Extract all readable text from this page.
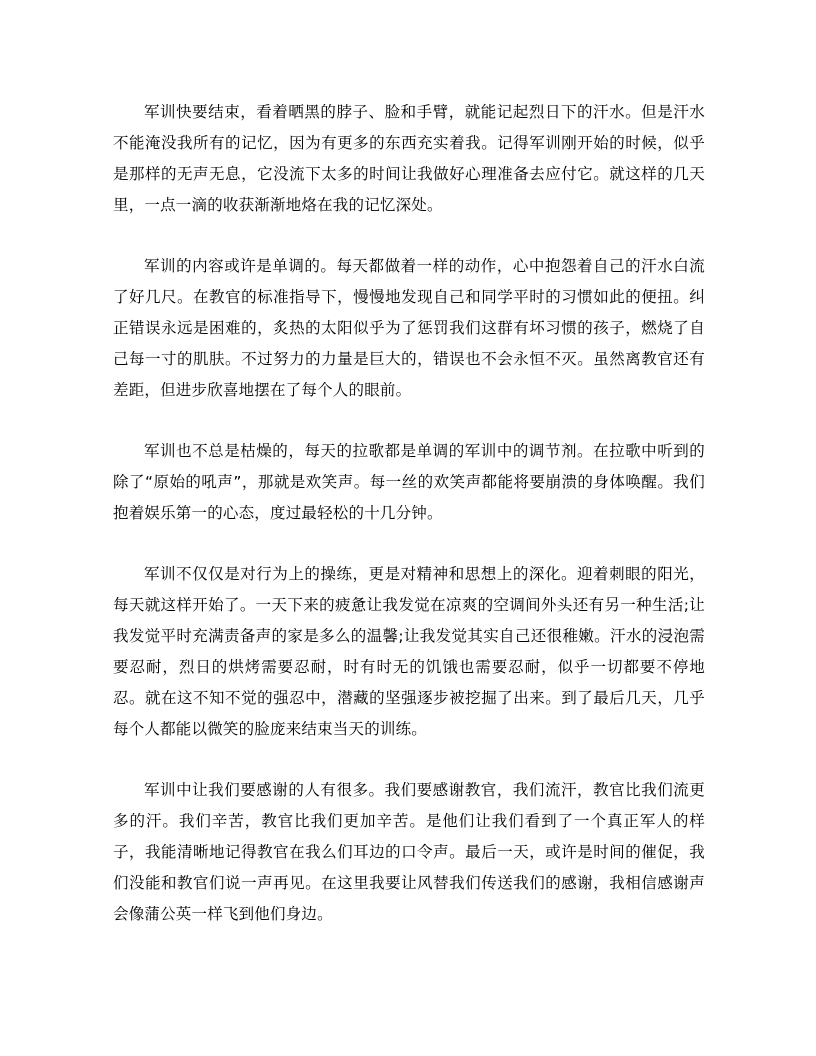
军训快要结束，看着晒黑的脖子、脸和手臂，就能记起烈日下的汗水。但是汗水不能淹没我所有的记忆，因为有更多的东西充实着我。记得军训刚开始的时候，似乎是那样的无声无息，它没流下太多的时间让我做好心理准备去应付它。就这样的几天里，一点一滴的收获渐渐地烙在我的记忆深处。

军训的内容或许是单调的。每天都做着一样的动作，心中抱怨着自己的汗水白流了好几尺。在教官的标准指导下，慢慢地发现自己和同学平时的习惯如此的便扭。纠正错误永远是困难的，炙热的太阳似乎为了惩罚我们这群有坏习惯的孩子，燃烧了自己每一寸的肌肤。不过努力的力量是巨大的，错误也不会永恒不灭。虽然离教官还有差距，但进步欣喜地摆在了每个人的眼前。

军训也不总是枯燥的，每天的拉歌都是单调的军训中的调节剂。在拉歌中听到的除了“原始的吼声”，那就是欢笑声。每一丝的欢笑声都能将要崩溃的身体唤醒。我们抱着娱乐第一的心态，度过最轻松的十几分钟。

军训不仅仅是对行为上的操练，更是对精神和思想上的深化。迎着刺眼的阳光，每天就这样开始了。一天下来的疲惫让我发觉在凉爽的空调间外头还有另一种生活;让我发觉平时充满责备声的家是多么的温馨;让我发觉其实自己还很稚嫩。汗水的浸泡需要忍耐，烈日的烘烤需要忍耐，时有时无的饥饿也需要忍耐，似乎一切都要不停地忍。就在这不知不觉的强忍中，潜藏的坚强逐步被挖掘了出来。到了最后几天，几乎每个人都能以微笑的脸庞来结束当天的训练。

军训中让我们要感谢的人有很多。我们要感谢教官，我们流汗，教官比我们流更多的汗。我们辛苦，教官比我们更加辛苦。是他们让我们看到了一个真正军人的样子，我能清晰地记得教官在我么们耳边的口令声。最后一天，或许是时间的催促，我们没能和教官们说一声再见。在这里我要让风替我们传送我们的感谢，我相信感谢声会像蒲公英一样飞到他们身边。
